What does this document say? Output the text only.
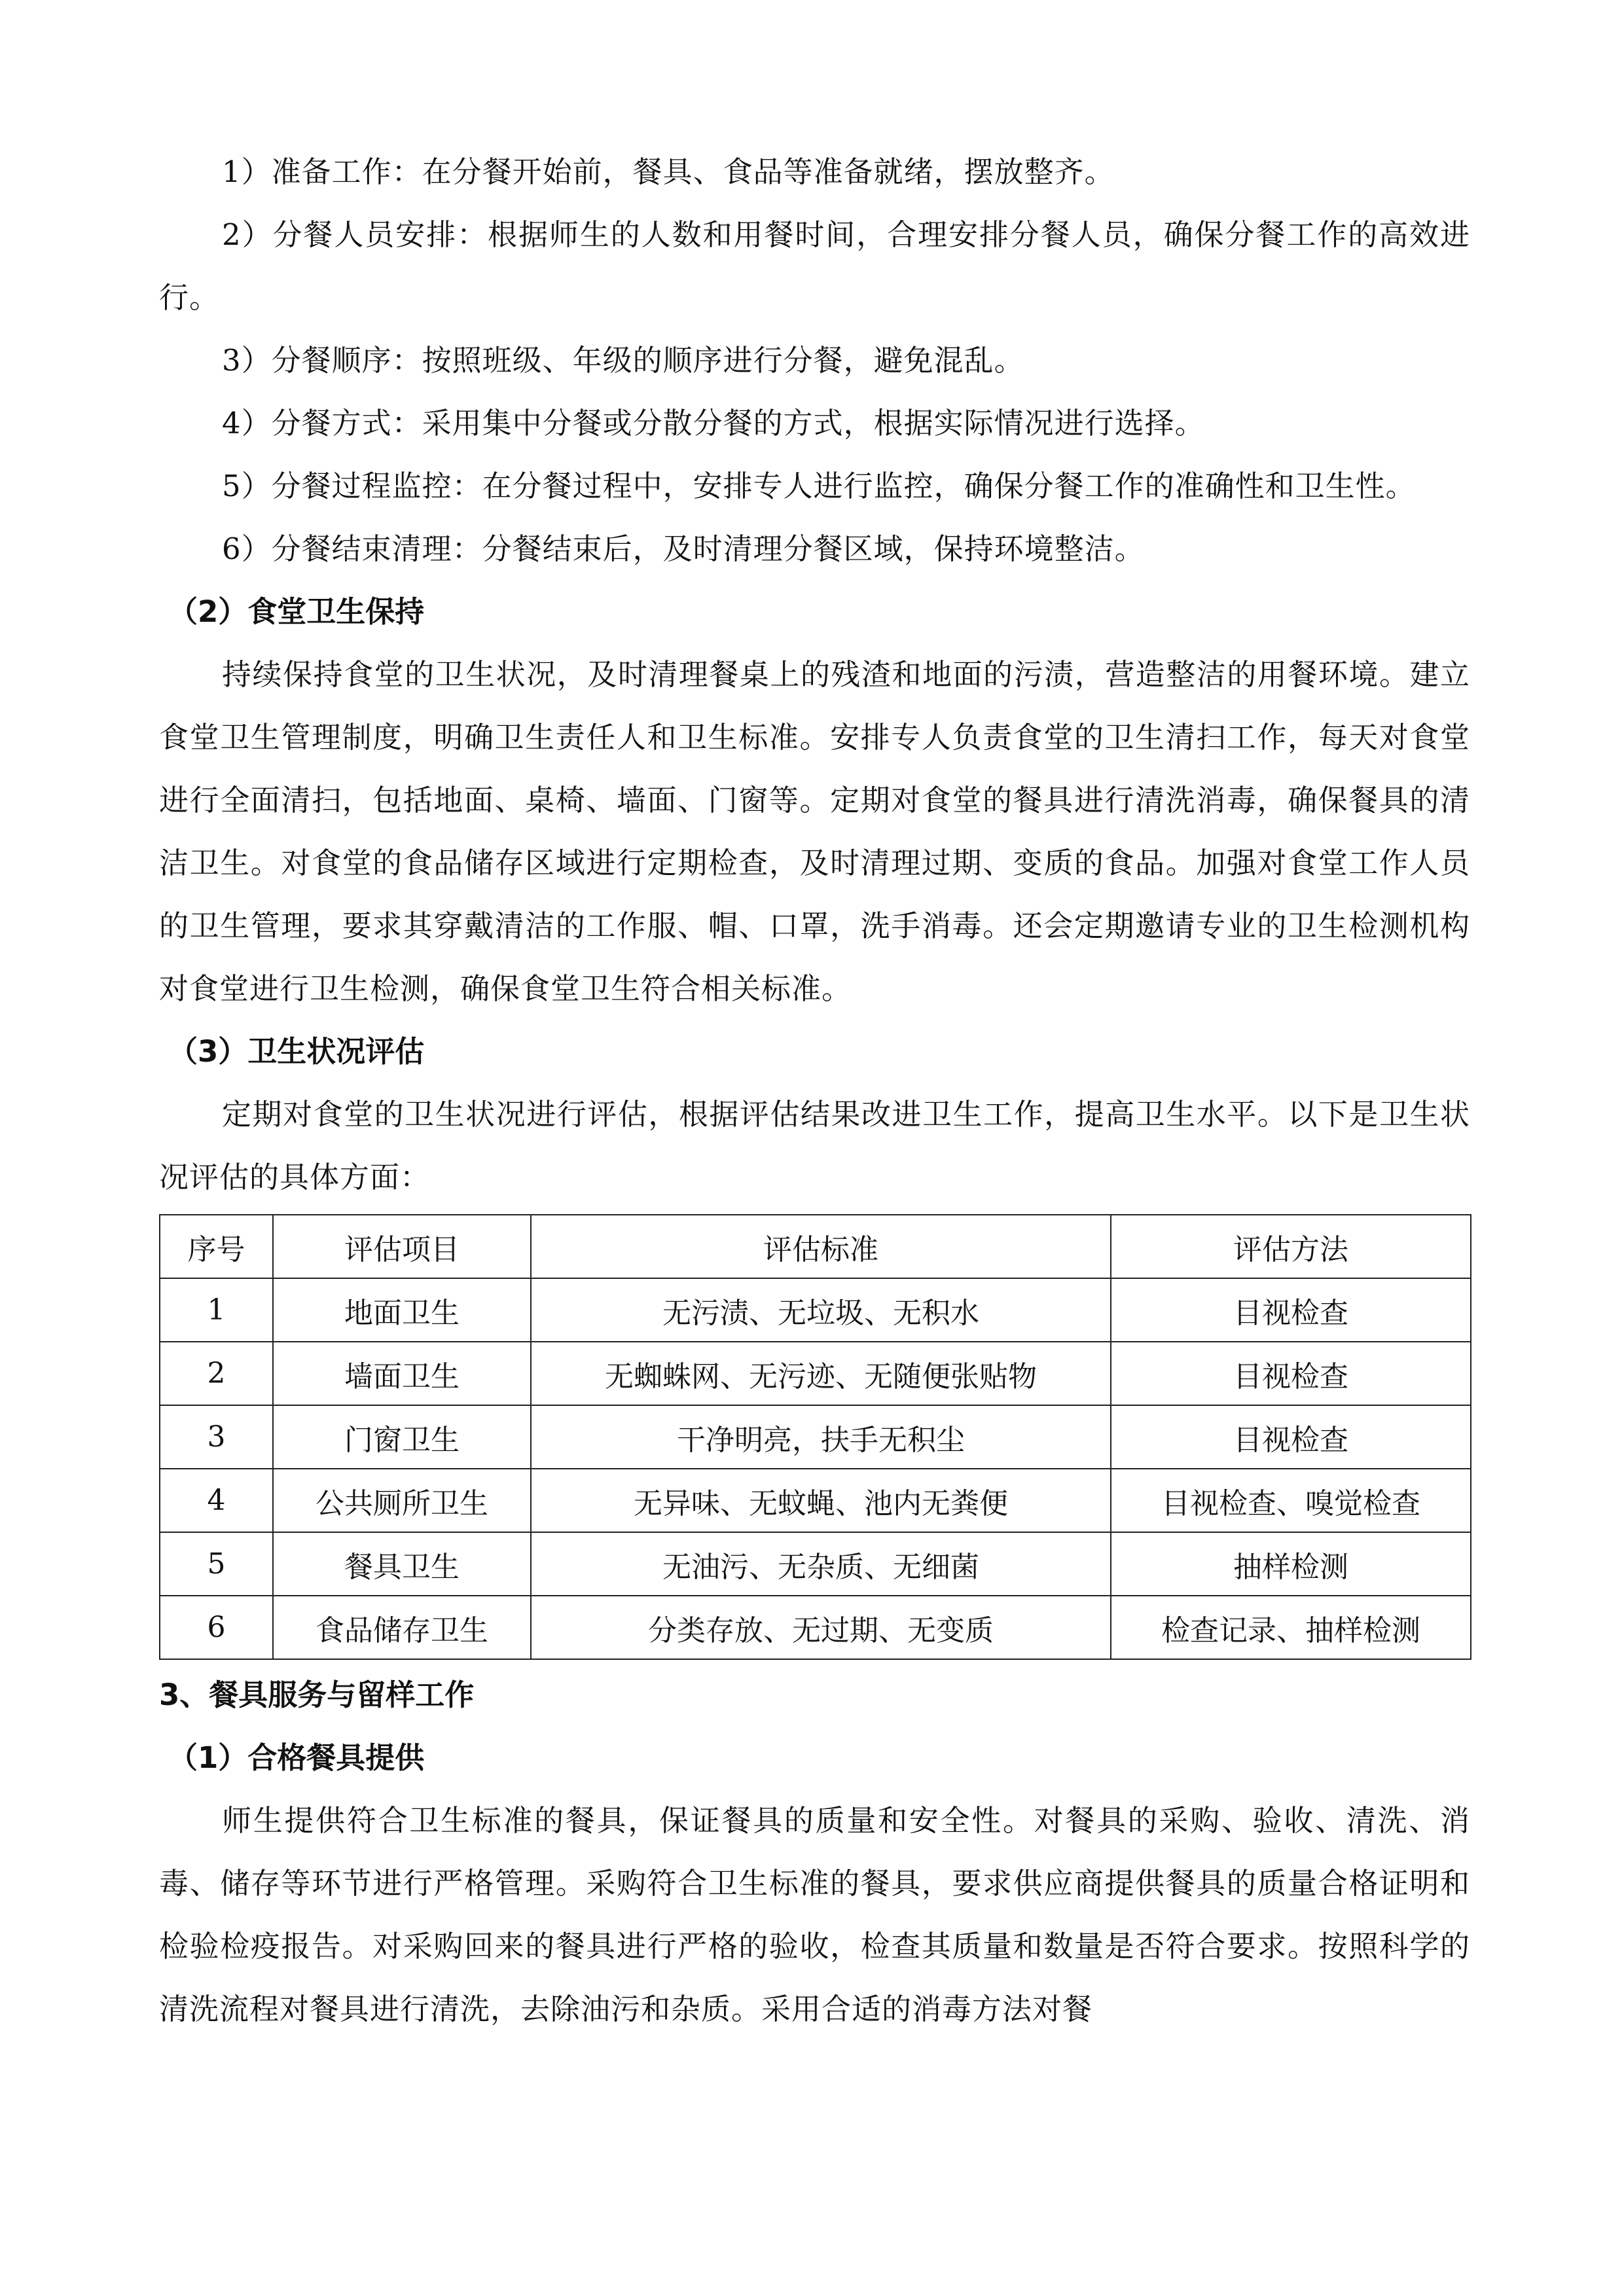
1）准备工作：在分餐开始前，餐具、食品等准备就绪，摆放整齐。

2）分餐人员安排：根据师生的人数和用餐时间，合理安排分餐人员，确保分餐工作的高效进行。

3）分餐顺序：按照班级、年级的顺序进行分餐，避免混乱。

4）分餐方式：采用集中分餐或分散分餐的方式，根据实际情况进行选择。

5）分餐过程监控：在分餐过程中，安排专人进行监控，确保分餐工作的准确性和卫生性。

6）分餐结束清理：分餐结束后，及时清理分餐区域，保持环境整洁。

（2）食堂卫生保持

持续保持食堂的卫生状况，及时清理餐桌上的残渣和地面的污渍，营造整洁的用餐环境。建立食堂卫生管理制度，明确卫生责任人和卫生标准。安排专人负责食堂的卫生清扫工作，每天对食堂进行全面清扫，包括地面、桌椅、墙面、门窗等。定期对食堂的餐具进行清洗消毒，确保餐具的清洁卫生。对食堂的食品储存区域进行定期检查，及时清理过期、变质的食品。加强对食堂工作人员的卫生管理，要求其穿戴清洁的工作服、帽、口罩，洗手消毒。还会定期邀请专业的卫生检测机构对食堂进行卫生检测，确保食堂卫生符合相关标准。

（3）卫生状况评估

定期对食堂的卫生状况进行评估，根据评估结果改进卫生工作，提高卫生水平。以下是卫生状况评估的具体方面：

序号	评估项目	评估标准	评估方法
1	地面卫生	无污渍、无垃圾、无积水	目视检查
2	墙面卫生	无蜘蛛网、无污迹、无随便张贴物	目视检查
3	门窗卫生	干净明亮，扶手无积尘	目视检查
4	公共厕所卫生	无异味、无蚊蝇、池内无粪便	目视检查、嗅觉检查
5	餐具卫生	无油污、无杂质、无细菌	抽样检测
6	食品储存卫生	分类存放、无过期、无变质	检查记录、抽样检测

3、餐具服务与留样工作

（1）合格餐具提供

师生提供符合卫生标准的餐具，保证餐具的质量和安全性。对餐具的采购、验收、清洗、消毒、储存等环节进行严格管理。采购符合卫生标准的餐具，要求供应商提供餐具的质量合格证明和检验检疫报告。对采购回来的餐具进行严格的验收，检查其质量和数量是否符合要求。按照科学的清洗流程对餐具进行清洗，去除油污和杂质。采用合适的消毒方法对餐
